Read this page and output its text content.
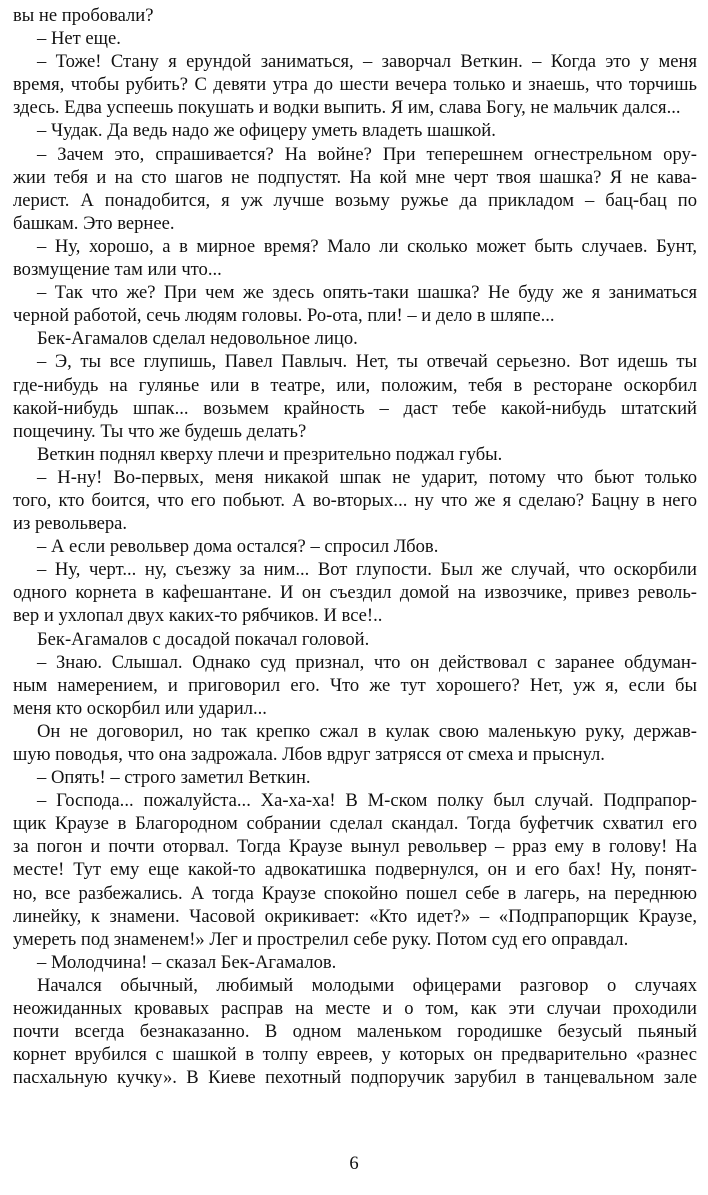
вы не пробовали?
– Нет еще.
– Тоже! Стану я ерундой заниматься, – заворчал Веткин. – Когда это у меня
время, чтобы рубить? С девяти утра до шести вечера только и знаешь, что торчишь
здесь. Едва успеешь покушать и водки выпить. Я им, слава Богу, не мальчик дался...
– Чудак. Да ведь надо же офицеру уметь владеть шашкой.
– Зачем это, спрашивается? На войне? При теперешнем огнестрельном ору-
жии тебя и на сто шагов не подпустят. На кой мне черт твоя шашка? Я не кава-
лерист. А понадобится, я уж лучше возьму ружье да прикладом – бац-бац по
башкам. Это вернее.
– Ну, хорошо, а в мирное время? Мало ли сколько может быть случаев. Бунт,
возмущение там или что...
– Так что же? При чем же здесь опять-таки шашка? Не буду же я заниматься
черной работой, сечь людям головы. Ро-ота, пли! – и дело в шляпе...
Бек-Агамалов сделал недовольное лицо.
– Э, ты все глупишь, Павел Павлыч. Нет, ты отвечай серьезно. Вот идешь ты
где-нибудь на гулянье или в театре, или, положим, тебя в ресторане оскорбил
какой-нибудь шпак... возьмем крайность – даст тебе какой-нибудь штатский
пощечину. Ты что же будешь делать?
Веткин поднял кверху плечи и презрительно поджал губы.
– Н-ну! Во-первых, меня никакой шпак не ударит, потому что бьют только
того, кто боится, что его побьют. А во-вторых... ну что же я сделаю? Бацну в него
из револьвера.
– А если револьвер дома остался? – спросил Лбов.
– Ну, черт... ну, съезжу за ним... Вот глупости. Был же случай, что оскорбили
одного корнета в кафешантане. И он съездил домой на извозчике, привез револь-
вер и ухлопал двух каких-то рябчиков. И все!..
Бек-Агамалов с досадой покачал головой.
– Знаю. Слышал. Однако суд признал, что он действовал с заранее обдуман-
ным намерением, и приговорил его. Что же тут хорошего? Нет, уж я, если бы
меня кто оскорбил или ударил...
Он не договорил, но так крепко сжал в кулак свою маленькую руку, держав-
шую поводья, что она задрожала. Лбов вдруг затрясся от смеха и прыснул.
– Опять! – строго заметил Веткин.
– Господа... пожалуйста... Ха-ха-ха! В М-ском полку был случай. Подпрапор-
щик Краузе в Благородном собрании сделал скандал. Тогда буфетчик схватил его
за погон и почти оторвал. Тогда Краузе вынул револьвер – рраз ему в голову! На
месте! Тут ему еще какой-то адвокатишка подвернулся, он и его бах! Ну, понят-
но, все разбежались. А тогда Краузе спокойно пошел себе в лагерь, на переднюю
линейку, к знамени. Часовой окрикивает: «Кто идет?» – «Подпрапорщик Краузе,
умереть под знаменем!» Лег и прострелил себе руку. Потом суд его оправдал.
– Молодчина! – сказал Бек-Агамалов.
Начался обычный, любимый молодыми офицерами разговор о случаях
неожиданных кровавых расправ на месте и о том, как эти случаи проходили
почти всегда безнаказанно. В одном маленьком городишке безусый пьяный
корнет врубился с шашкой в толпу евреев, у которых он предварительно «разнес
пасхальную кучку». В Киеве пехотный подпоручик зарубил в танцевальном зале
6
